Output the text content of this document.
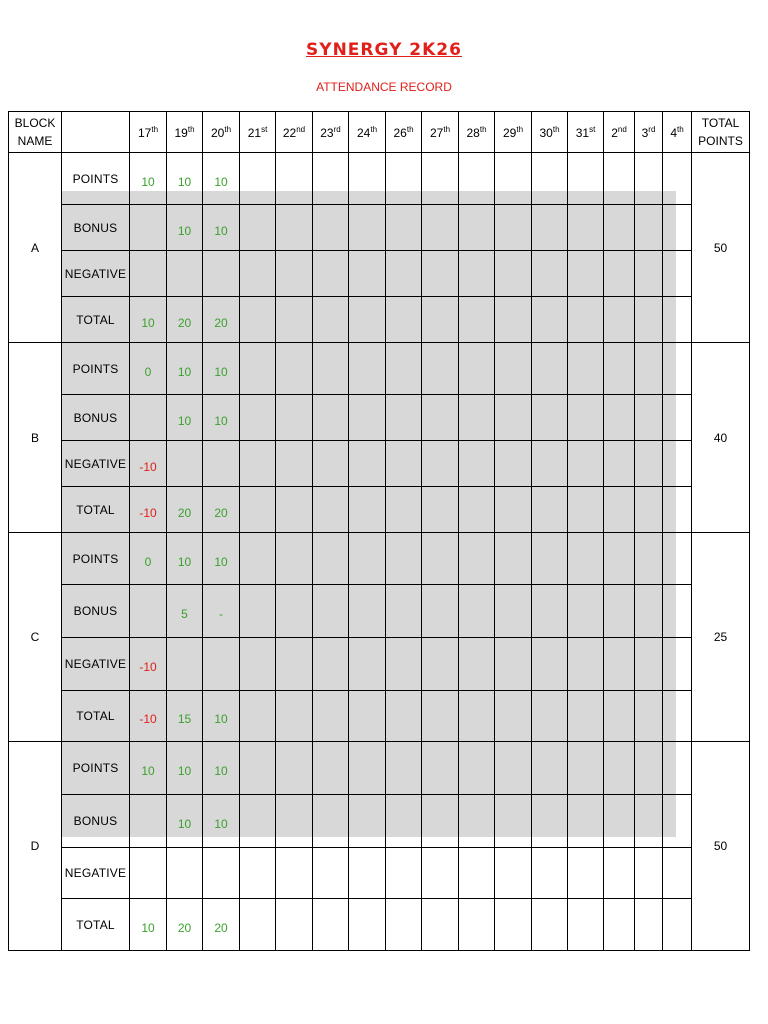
SYNERGY 2K26
ATTENDANCE RECORD
BLOCK NAME		17th	19th	20th	21st	22nd	23rd	24th	26th	27th	28th	29th	30th	31st	2nd	3rd	4th	TOTAL POINTS
A	POINTS	10	10	10														50
	BONUS		10	10														
	NEGATIVE																	
	TOTAL	10	20	20														
B	POINTS	0	10	10														40
	BONUS		10	10														
	NEGATIVE	-10																
	TOTAL	-10	20	20														
C	POINTS	0	10	10														25
	BONUS		5	-														
	NEGATIVE	-10																
	TOTAL	-10	15	10														
D	POINTS	10	10	10														50
	BONUS		10	10														
	NEGATIVE																	
	TOTAL	10	20	20														
